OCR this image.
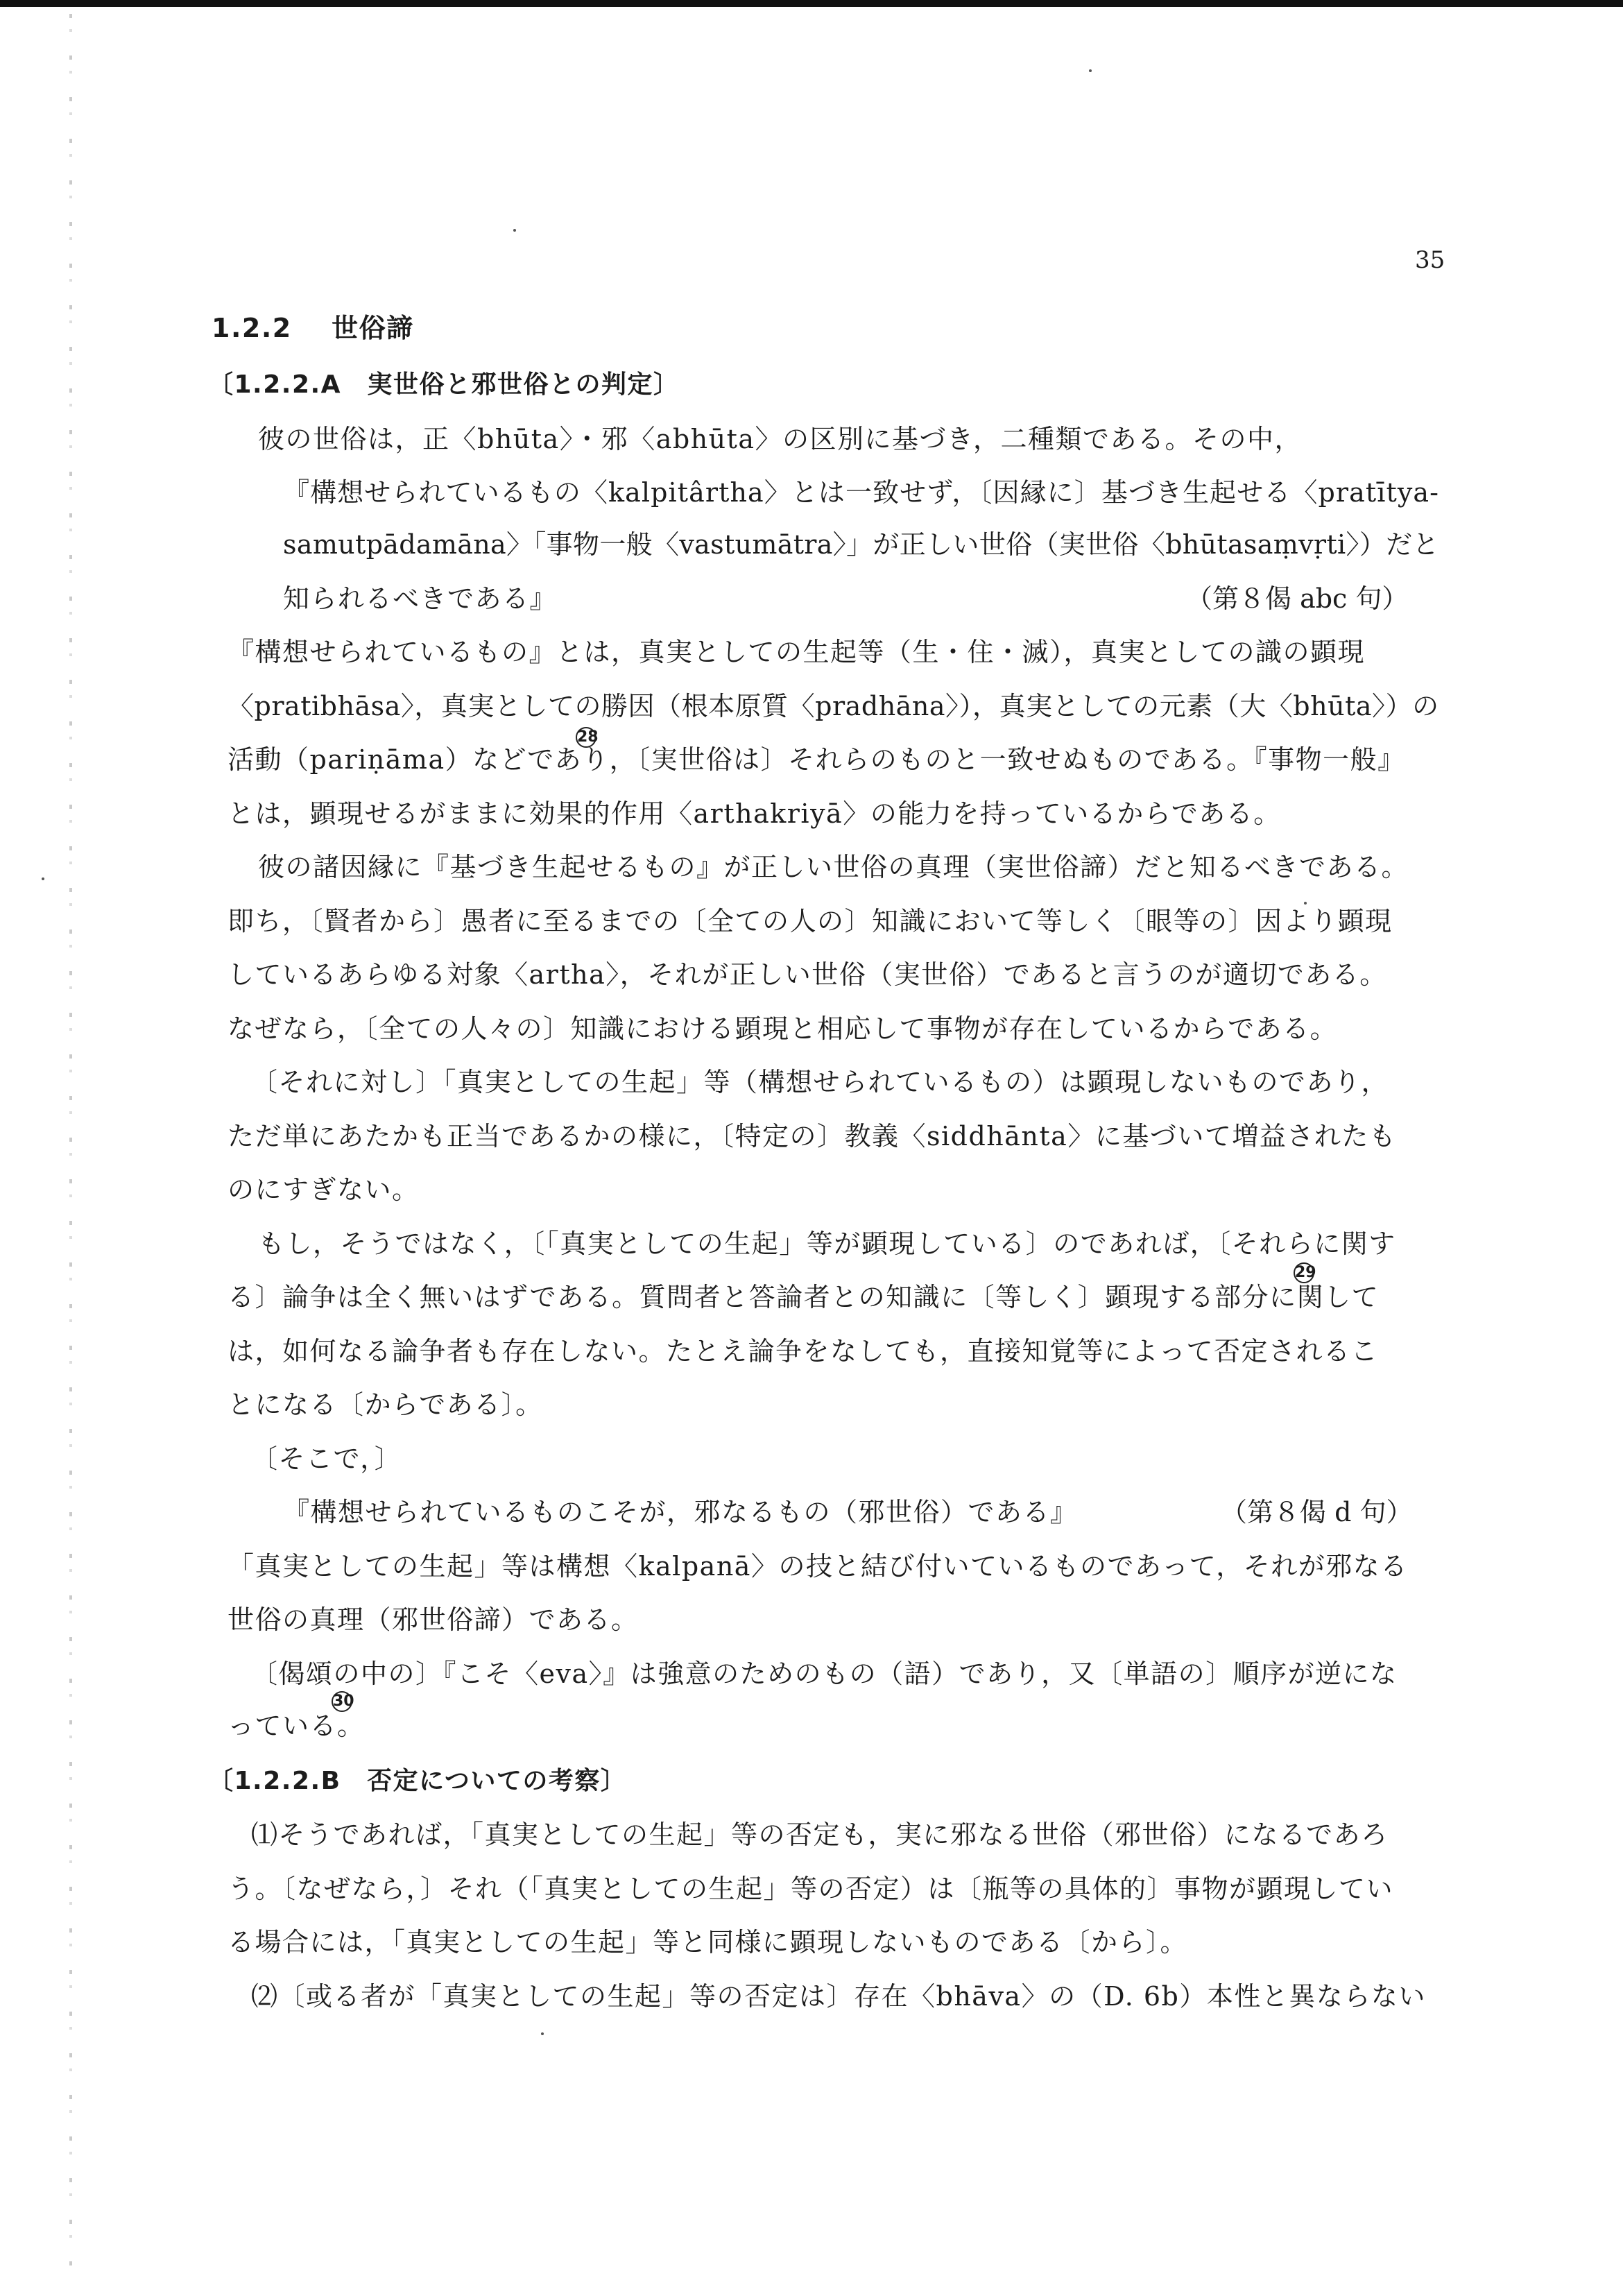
35
1.2.2 世俗諦
〔1.2.2.A　実世俗と邪世俗との判定〕
彼の世俗は，正〈bhūta〉・邪〈abhūta〉の区別に基づき，二種類である。その中，
『構想せられているもの〈kalpitârtha〉とは一致せず，〔因縁に〕基づき生起せる〈pratītya-
samutpādamāna〉「事物一般〈vastumātra〉」が正しい世俗（実世俗〈bhūtasaṃvṛti〉）だと
知られるべきである』	（第８偈 abc 句）
『構想せられているもの』とは，真実としての生起等（生・住・滅），真実としての識の顕現
〈pratibhāsa〉，真実としての勝因（根本原質〈pradhāna〉），真実としての元素（大〈bhūta〉）の
28
活動（pariṇāma）などであり，〔実世俗は〕それらのものと一致せぬものである。『事物一般』
とは，顕現せるがままに効果的作用〈arthakriyā〉の能力を持っているからである。
彼の諸因縁に『基づき生起せるもの』が正しい世俗の真理（実世俗諦）だと知るべきである。
即ち，〔賢者から〕愚者に至るまでの〔全ての人の〕知識において等しく〔眼等の〕因より顕現
しているあらゆる対象〈artha〉，それが正しい世俗（実世俗）であると言うのが適切である。
なぜなら，〔全ての人々の〕知識における顕現と相応して事物が存在しているからである。
〔それに対し〕「真実としての生起」等（構想せられているもの）は顕現しないものであり，
ただ単にあたかも正当であるかの様に，〔特定の〕教義〈siddhānta〉に基づいて増益されたも
のにすぎない。
もし，そうではなく，〔「真実としての生起」等が顕現している〕のであれば，〔それらに関す
29
る〕論争は全く無いはずである。質問者と答論者との知識に〔等しく〕顕現する部分に関して
は，如何なる論争者も存在しない。たとえ論争をなしても，直接知覚等によって否定されるこ
とになる〔からである〕。
〔そこで，〕
『構想せられているものこそが，邪なるもの（邪世俗）である』	（第８偈 d 句）
「真実としての生起」等は構想〈kalpanā〉の技と結び付いているものであって，それが邪なる
世俗の真理（邪世俗諦）である。
〔偈頌の中の〕『こそ〈eva〉』は強意のためのもの（語）であり，又〔単語の〕順序が逆にな
30
っている。
〔1.2.2.B　否定についての考察〕
⑴そうであれば，「真実としての生起」等の否定も，実に邪なる世俗（邪世俗）になるであろ
う。〔なぜなら，〕それ（「真実としての生起」等の否定）は〔瓶等の具体的〕事物が顕現してい
る場合には，「真実としての生起」等と同様に顕現しないものである〔から〕。
⑵〔或る者が「真実としての生起」等の否定は〕存在〈bhāva〉の（D. 6b）本性と異ならない
